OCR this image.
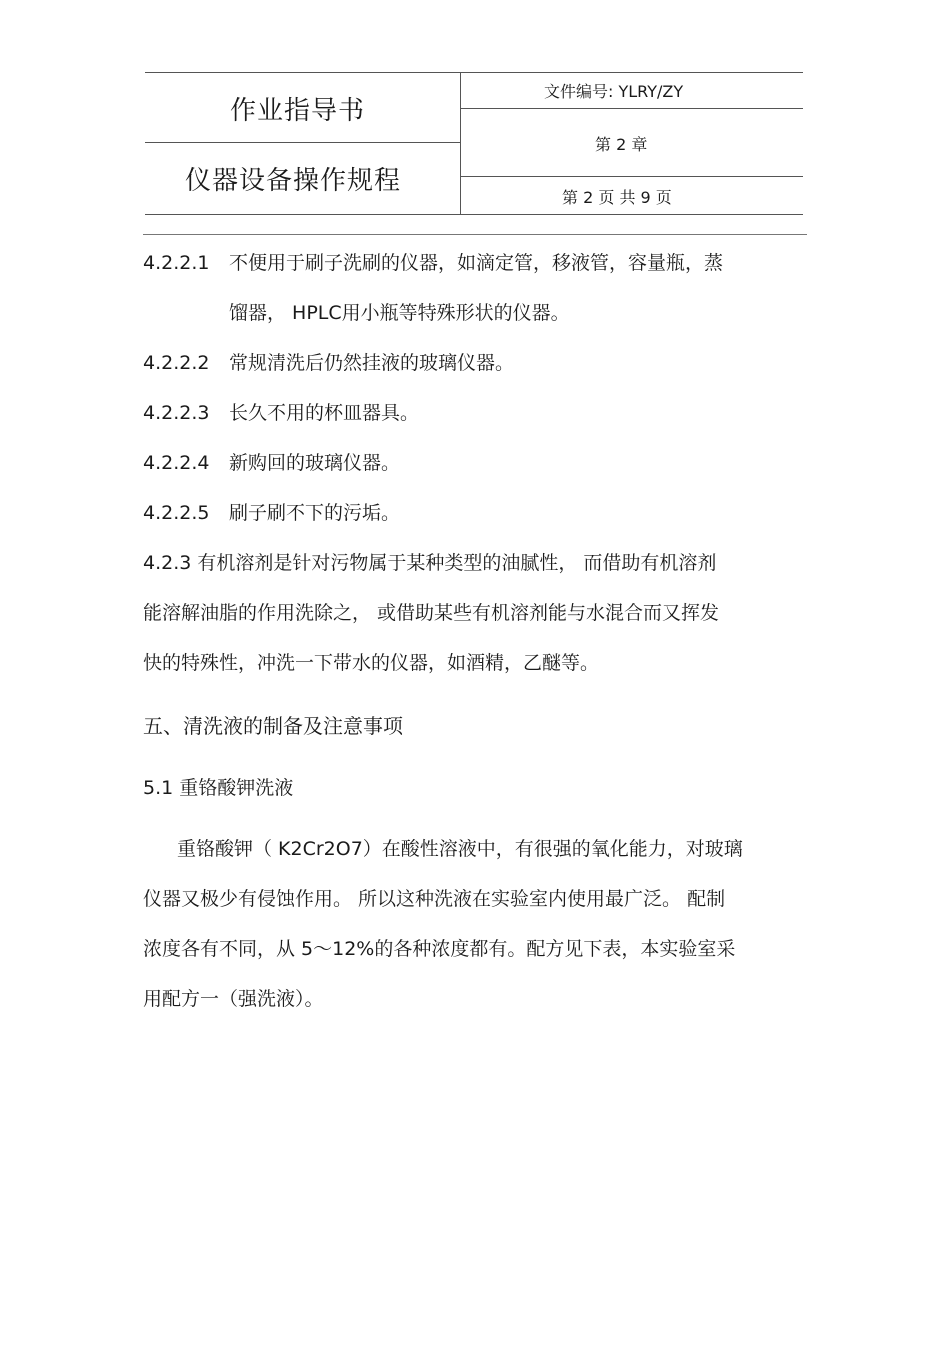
作业指导书
仪器设备操作规程
文件编号: YLRY/ZY
第 2 章
第 2 页 共 9 页
4.2.2.1 不便用于刷子洗刷的仪器，如滴定管，移液管，容量瓶，蒸
馏器， HPLC用小瓶等特殊形状的仪器。
4.2.2.2 常规清洗后仍然挂液的玻璃仪器。
4.2.2.3 长久不用的杯皿器具。
4.2.2.4 新购回的玻璃仪器。
4.2.2.5 刷子刷不下的污垢。
4.2.3 有机溶剂是针对污物属于某种类型的油腻性， 而借助有机溶剂
能溶解油脂的作用洗除之， 或借助某些有机溶剂能与水混合而又挥发
快的特殊性，冲洗一下带水的仪器，如酒精，乙醚等。
五、清洗液的制备及注意事项
5.1 重铬酸钾洗液
重铬酸钾（ K2Cr2O7）在酸性溶液中，有很强的氧化能力，对玻璃
仪器又极少有侵蚀作用。 所以这种洗液在实验室内使用最广泛。 配制
浓度各有不同，从 5～12%的各种浓度都有。配方见下表，本实验室采
用配方一（强洗液）。
